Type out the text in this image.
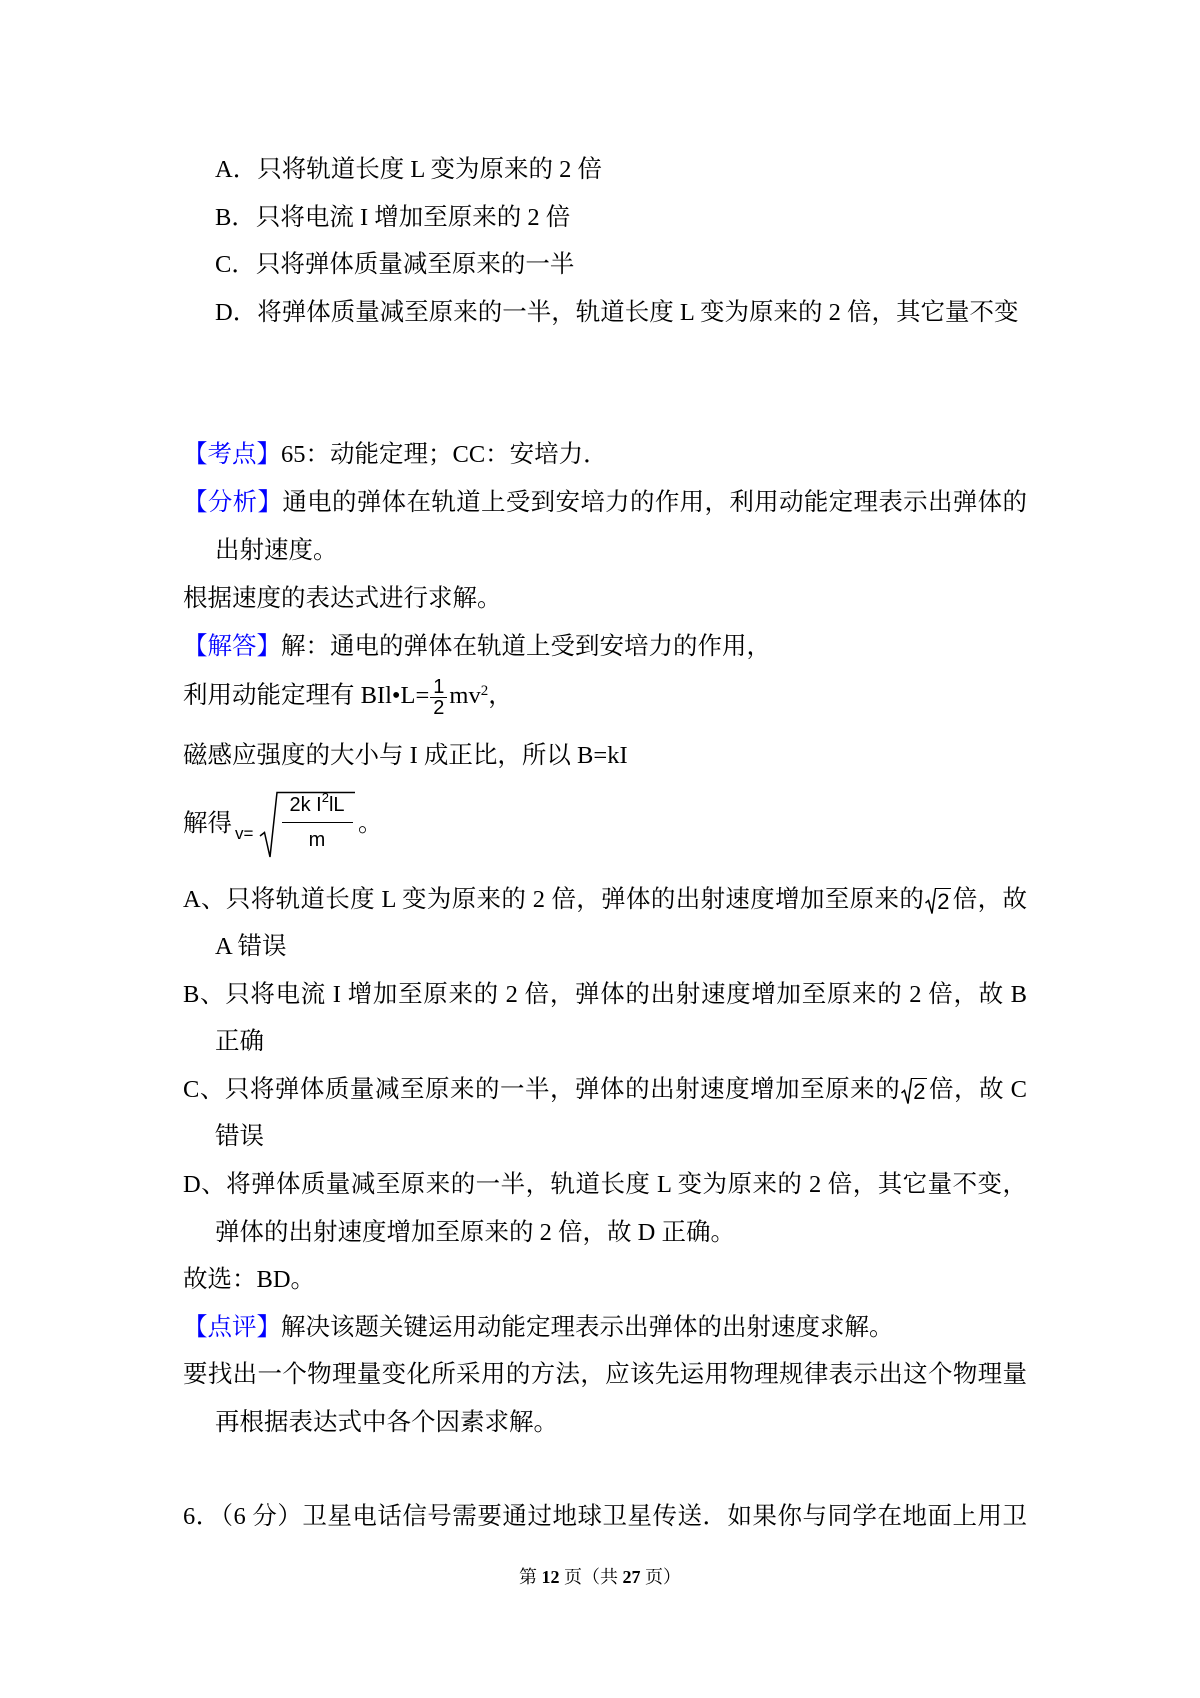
A．只将轨道长度 L 变为原来的 2 倍
B．只将电流 I 增加至原来的 2 倍
C．只将弹体质量减至原来的一半
D．将弹体质量减至原来的一半，轨道长度 L 变为原来的 2 倍，其它量不变
【考点】65：动能定理；CC：安培力．
【分析】通电的弹体在轨道上受到安培力的作用，利用动能定理表示出弹体的
出射速度。
根据速度的表达式进行求解。
【解答】解：通电的弹体在轨道上受到安培力的作用，
利用动能定理有 BIl•L= $\frac{1}{2} mv^2$，
磁感应强度的大小与 I 成正比，所以 B=kI
解得 v=
2k $I^2lL$
m
。
A、只将轨道长度 L 变为原来的 2 倍，弹体的出射速度增加至原来的 2 倍，故
A 错误
B、只将电流 I 增加至原来的 2 倍，弹体的出射速度增加至原来的 2 倍，故 B
正确
C、只将弹体质量减至原来的一半，弹体的出射速度增加至原来的 2 倍，故 C
错误
D、将弹体质量减至原来的一半，轨道长度 L 变为原来的 2 倍，其它量不变，
弹体的出射速度增加至原来的 2 倍，故 D 正确。
故选：BD。
【点评】解决该题关键运用动能定理表示出弹体的出射速度求解。
要找出一个物理量变化所采用的方法，应该先运用物理规律表示出这个物理量
再根据表达式中各个因素求解。
6．（6 分）卫星电话信号需要通过地球卫星传送．如果你与同学在地面上用卫
第 12 页（共 27 页）
